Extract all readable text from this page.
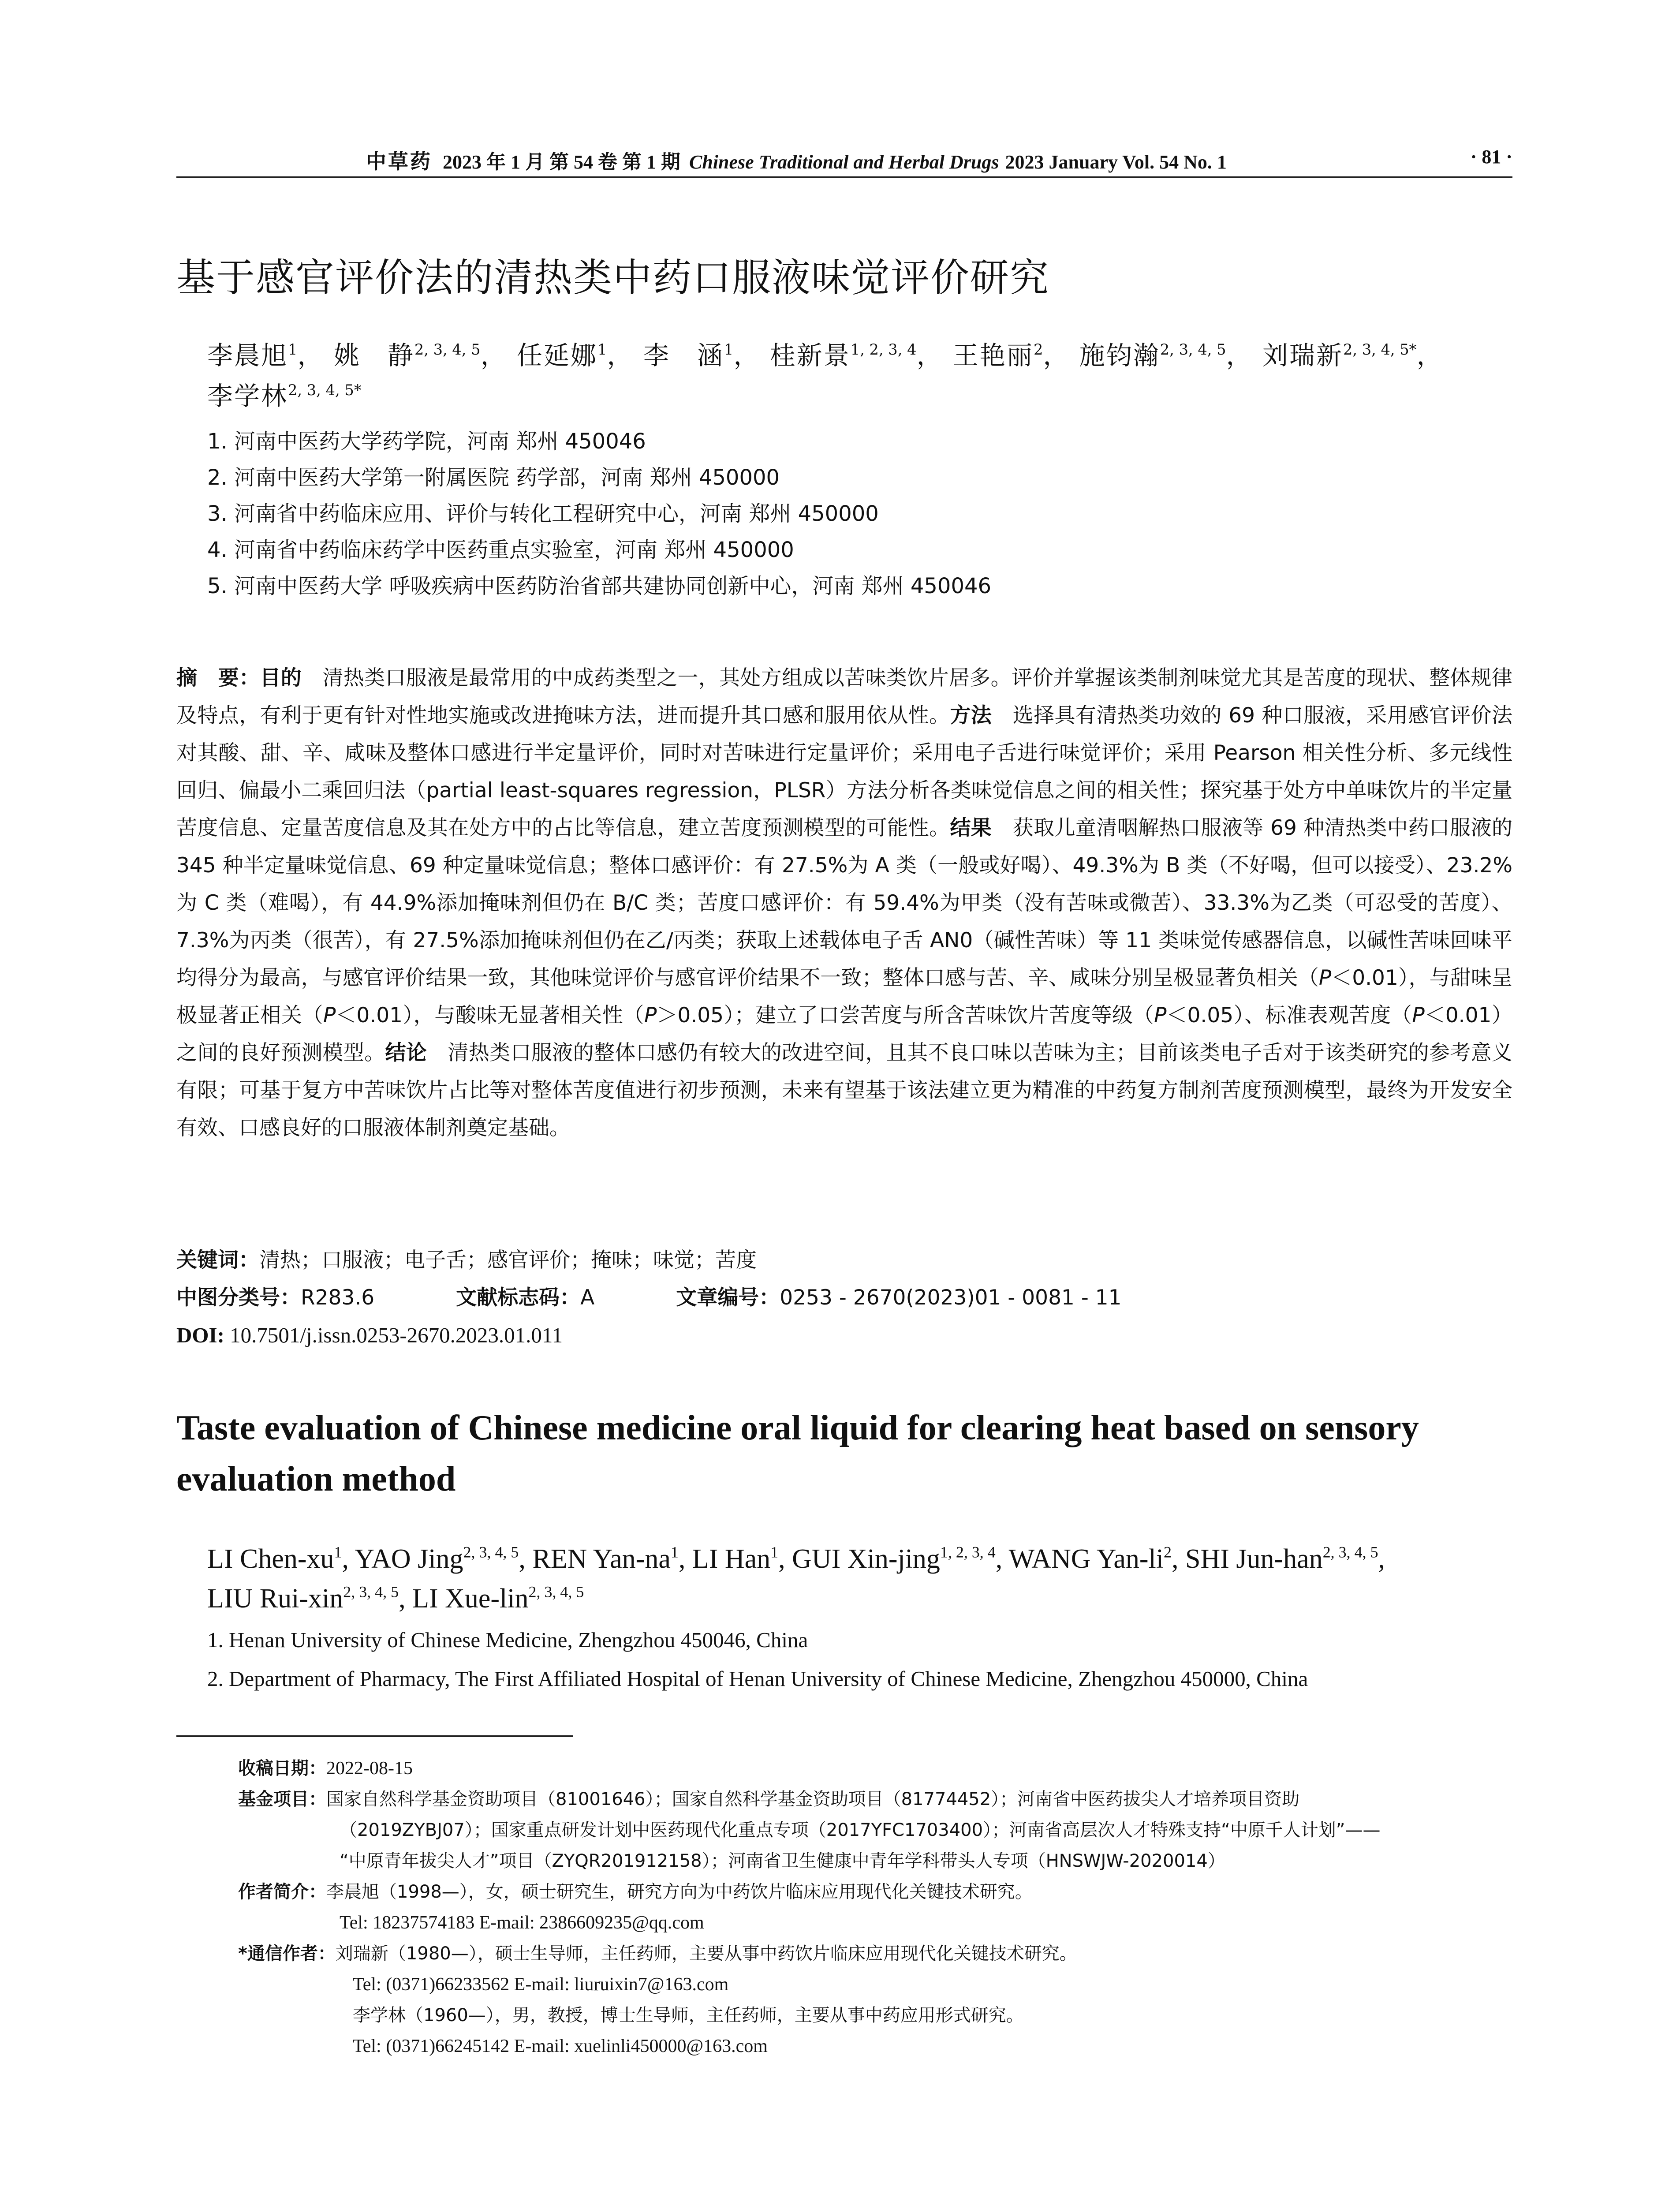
中草药 2023 年 1 月 第 54 卷 第 1 期 Chinese Traditional and Herbal Drugs 2023 January Vol. 54 No. 1	· 81 ·
基于感官评价法的清热类中药口服液味觉评价研究
李晨旭$^1$， 姚　静$^{2, 3, 4, 5}$， 任延娜$^1$， 李　涵$^1$， 桂新景$^{1, 2, 3, 4}$， 王艳丽$^2$， 施钧瀚$^{2, 3, 4, 5}$， 刘瑞新$^{2, 3, 4, 5*}$，
李学林$^{2, 3, 4, 5*}$
1. 河南中医药大学药学院，河南 郑州 450046
2. 河南中医药大学第一附属医院 药学部，河南 郑州 450000
3. 河南省中药临床应用、评价与转化工程研究中心，河南 郑州 450000
4. 河南省中药临床药学中医药重点实验室，河南 郑州 450000
5. 河南中医药大学 呼吸疾病中医药防治省部共建协同创新中心，河南 郑州 450046
摘　要：目的  清热类口服液是最常用的中成药类型之一，其处方组成以苦味类饮片居多。评价并掌握该类制剂味觉尤其是苦度的现状、整体规律及特点，有利于更有针对性地实施或改进掩味方法，进而提升其口感和服用依从性。方法  选择具有清热类功效的 69 种口服液，采用感官评价法对其酸、甜、辛、咸味及整体口感进行半定量评价，同时对苦味进行定量评价；采用电子舌进行味觉评价；采用 Pearson 相关性分析、多元线性回归、偏最小二乘回归法（partial least-squares regression，PLSR）方法分析各类味觉信息之间的相关性；探究基于处方中单味饮片的半定量苦度信息、定量苦度信息及其在处方中的占比等信息，建立苦度预测模型的可能性。结果  获取儿童清咽解热口服液等 69 种清热类中药口服液的 345 种半定量味觉信息、69 种定量味觉信息；整体口感评价：有 27.5%为 A 类（一般或好喝）、49.3%为 B 类（不好喝，但可以接受）、23.2%为 C 类（难喝），有 44.9%添加掩味剂但仍在 B/C 类；苦度口感评价：有 59.4%为甲类（没有苦味或微苦）、33.3%为乙类（可忍受的苦度）、7.3%为丙类（很苦），有 27.5%添加掩味剂但仍在乙/丙类；获取上述载体电子舌 AN0（碱性苦味）等 11 类味觉传感器信息，以碱性苦味回味平均得分为最高，与感官评价结果一致，其他味觉评价与感官评价结果不一致；整体口感与苦、辛、咸味分别呈极显著负相关（P＜0.01），与甜味呈极显著正相关（P＜0.01），与酸味无显著相关性（P＞0.05）；建立了口尝苦度与所含苦味饮片苦度等级（P＜0.05）、标准表观苦度（P＜0.01）之间的良好预测模型。结论  清热类口服液的整体口感仍有较大的改进空间，且其不良口味以苦味为主；目前该类电子舌对于该类研究的参考意义有限；可基于复方中苦味饮片占比等对整体苦度值进行初步预测，未来有望基于该法建立更为精准的中药复方制剂苦度预测模型，最终为开发安全有效、口感良好的口服液体制剂奠定基础。
关键词：清热；口服液；电子舌；感官评价；掩味；味觉；苦度
中图分类号：R283.6	文献标志码：A	文章编号：0253 - 2670(2023)01 - 0081 - 11
DOI: 10.7501/j.issn.0253-2670.2023.01.011
Taste evaluation of Chinese medicine oral liquid for clearing heat based on sensory evaluation method
LI Chen-$xu^1$, YAO Jing$^{2, 3, 4, 5}$, REN Yan-$na^1$, LI Han$^1$, GUI Xin-jing$^{1, 2, 3, 4}$, WANG Yan-$li^2$, SHI Jun-han$^{2, 3, 4, 5}$,
LIU Rui-xin$^{2, 3, 4, 5}$, LI Xue-lin$^{2, 3, 4, 5}$
1. Henan University of Chinese Medicine, Zhengzhou 450046, China
2. Department of Pharmacy, The First Affiliated Hospital of Henan University of Chinese Medicine, Zhengzhou 450000, China
收稿日期： 2022-08-15
基金项目： 国家自然科学基金资助项目（81001646）；国家自然科学基金资助项目（81774452）；河南省中医药拔尖人才培养项目资助
（2019ZYBJ07）；国家重点研发计划中医药现代化重点专项（2017YFC1703400）；河南省高层次人才特殊支持“中原千人计划”——
“中原青年拔尖人才”项目（ZYQR201912158）；河南省卫生健康中青年学科带头人专项（HNSWJW-2020014）
作者简介： 李晨旭（1998—），女，硕士研究生，研究方向为中药饮片临床应用现代化关键技术研究。
Tel: 18237574183 E-mail: 2386609235@qq.com
*通信作者： 刘瑞新（1980—），硕士生导师，主任药师，主要从事中药饮片临床应用现代化关键技术研究。
Tel: (0371)66233562 E-mail: liuruixin7@163.com
李学林（1960—），男，教授，博士生导师，主任药师，主要从事中药应用形式研究。
Tel: (0371)66245142 E-mail: xuelinli450000@163.com
